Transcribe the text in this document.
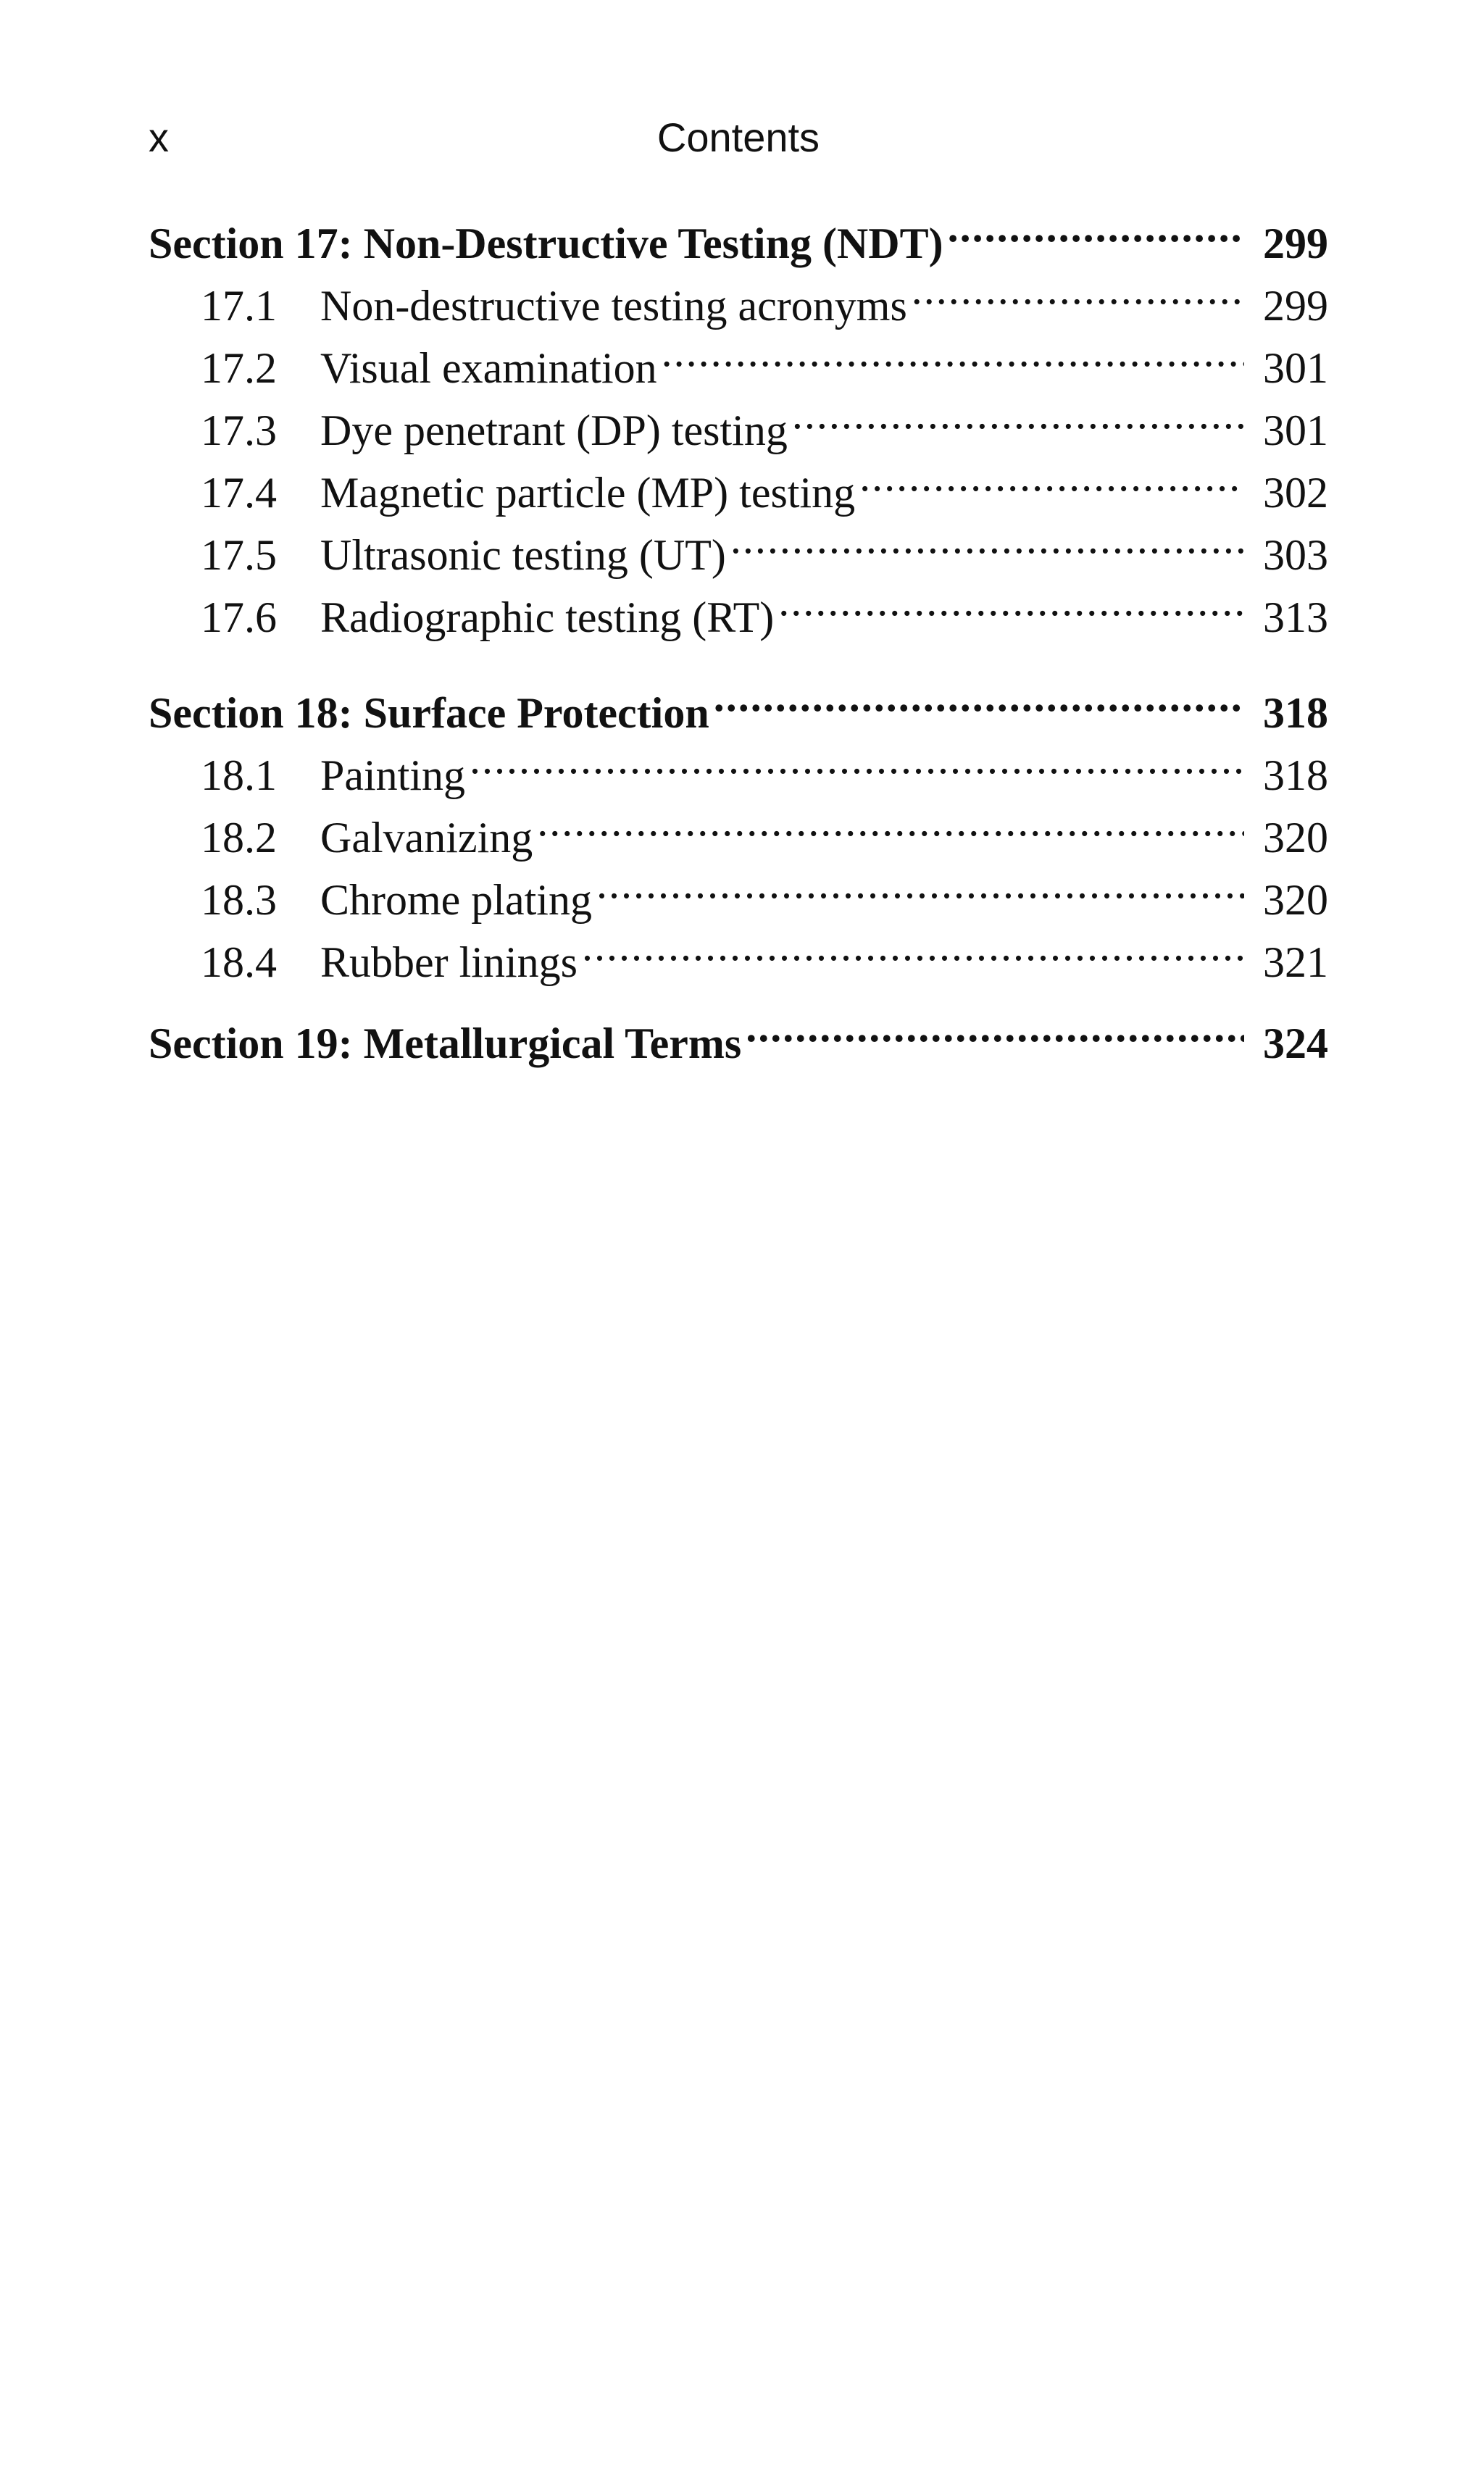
x	Contents
Section 17: Non-Destructive Testing (NDT) .....	299
17.1	Non-destructive testing acronyms .....	299
17.2	Visual examination .....	301
17.3	Dye penetrant (DP) testing .....	301
17.4	Magnetic particle (MP) testing .....	302
17.5	Ultrasonic testing (UT) .....	303
17.6	Radiographic testing (RT) .....	313
Section 18: Surface Protection .....	318
18.1	Painting .....	318
18.2	Galvanizing .....	320
18.3	Chrome plating .....	320
18.4	Rubber linings .....	321
Section 19: Metallurgical Terms .....	324
